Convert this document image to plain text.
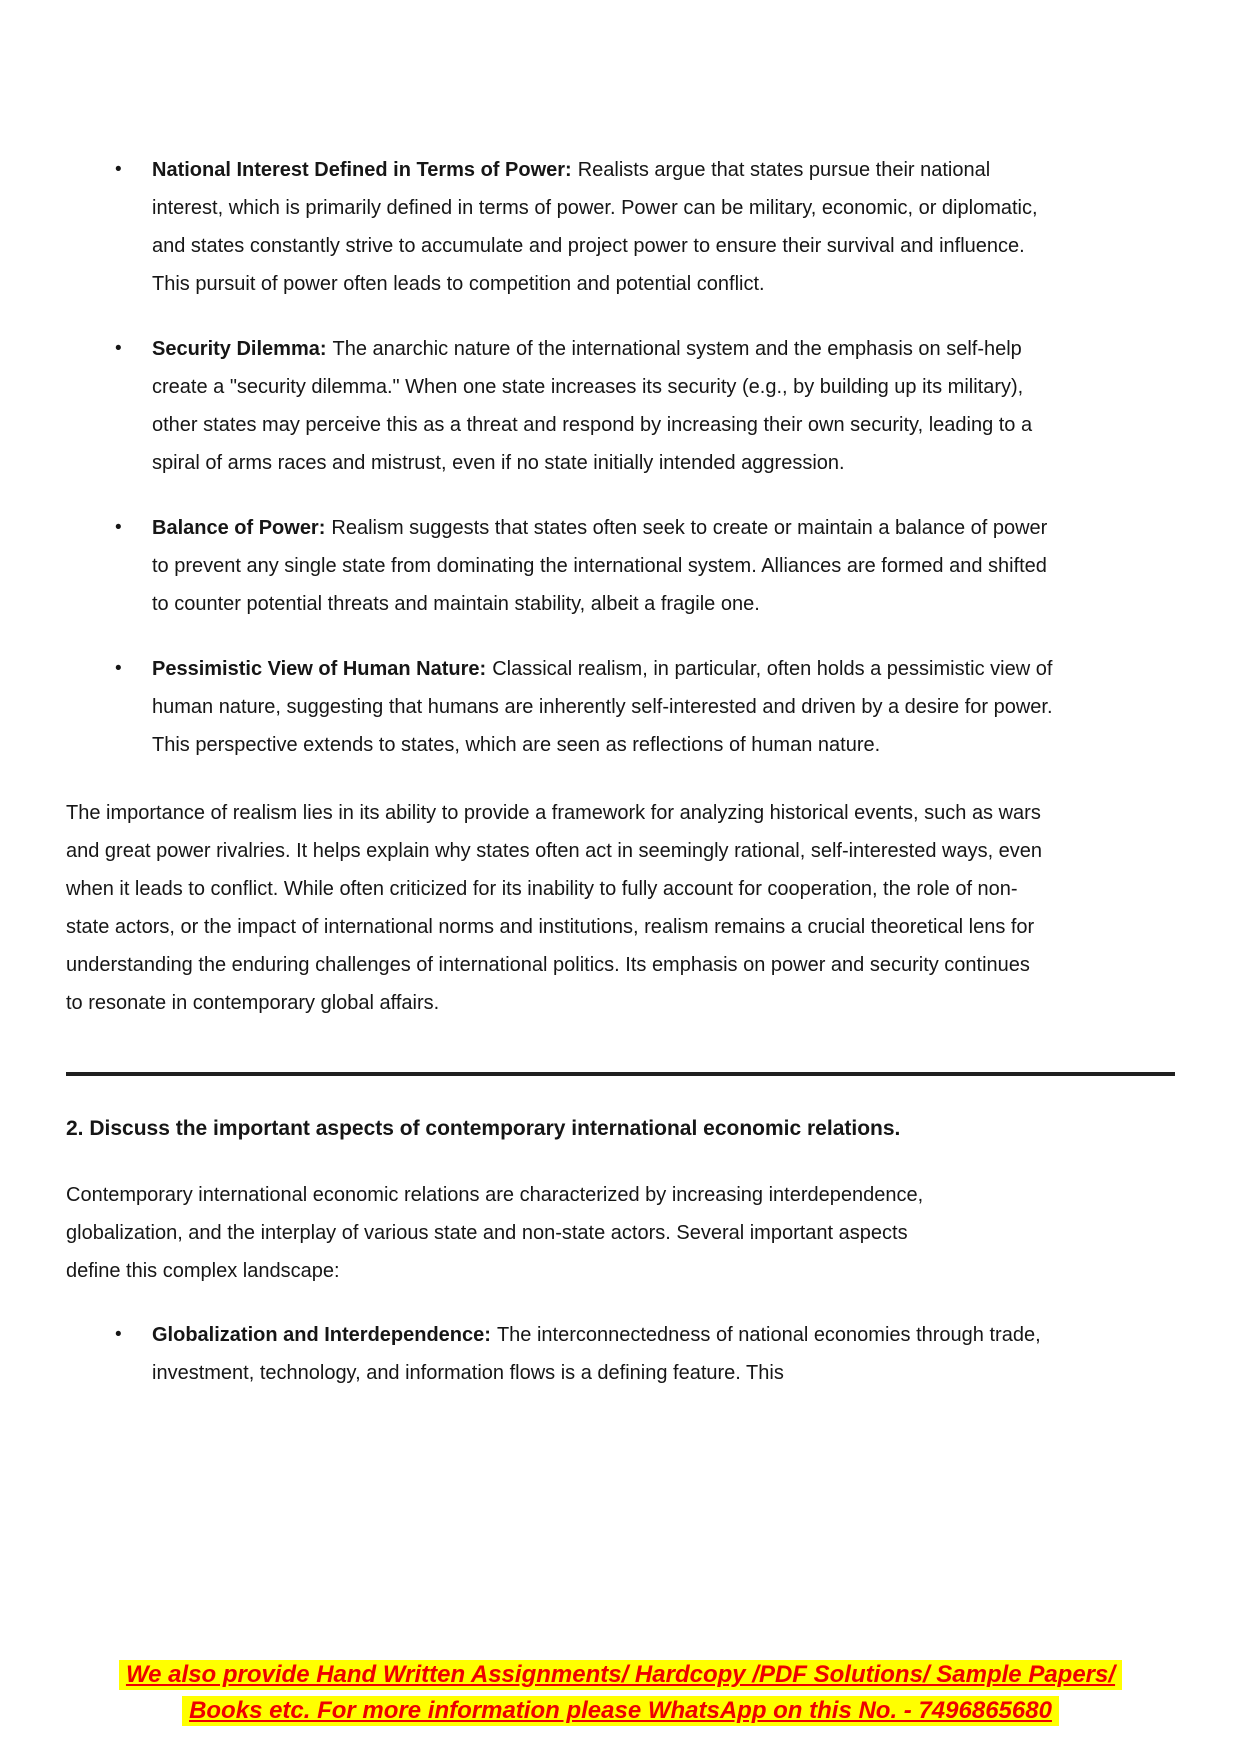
• National Interest Defined in Terms of Power: Realists argue that states pursue their national interest, which is primarily defined in terms of power. Power can be military, economic, or diplomatic, and states constantly strive to accumulate and project power to ensure their survival and influence. This pursuit of power often leads to competition and potential conflict.
• Security Dilemma: The anarchic nature of the international system and the emphasis on self-help create a "security dilemma." When one state increases its security (e.g., by building up its military), other states may perceive this as a threat and respond by increasing their own security, leading to a spiral of arms races and mistrust, even if no state initially intended aggression.
• Balance of Power: Realism suggests that states often seek to create or maintain a balance of power to prevent any single state from dominating the international system. Alliances are formed and shifted to counter potential threats and maintain stability, albeit a fragile one.
• Pessimistic View of Human Nature: Classical realism, in particular, often holds a pessimistic view of human nature, suggesting that humans are inherently self-interested and driven by a desire for power. This perspective extends to states, which are seen as reflections of human nature.

The importance of realism lies in its ability to provide a framework for analyzing historical events, such as wars and great power rivalries. It helps explain why states often act in seemingly rational, self-interested ways, even when it leads to conflict. While often criticized for its inability to fully account for cooperation, the role of non-state actors, or the impact of international norms and institutions, realism remains a crucial theoretical lens for understanding the enduring challenges of international politics. Its emphasis on power and security continues to resonate in contemporary global affairs.

2. Discuss the important aspects of contemporary international economic relations.

Contemporary international economic relations are characterized by increasing interdependence, globalization, and the interplay of various state and non-state actors. Several important aspects define this complex landscape:

• Globalization and Interdependence: The interconnectedness of national economies through trade, investment, technology, and information flows is a defining feature. This
We also provide Hand Written Assignments/ Hardcopy /PDF Solutions/ Sample Papers/
Books etc. For more information please WhatsApp on this No. - 7496865680
